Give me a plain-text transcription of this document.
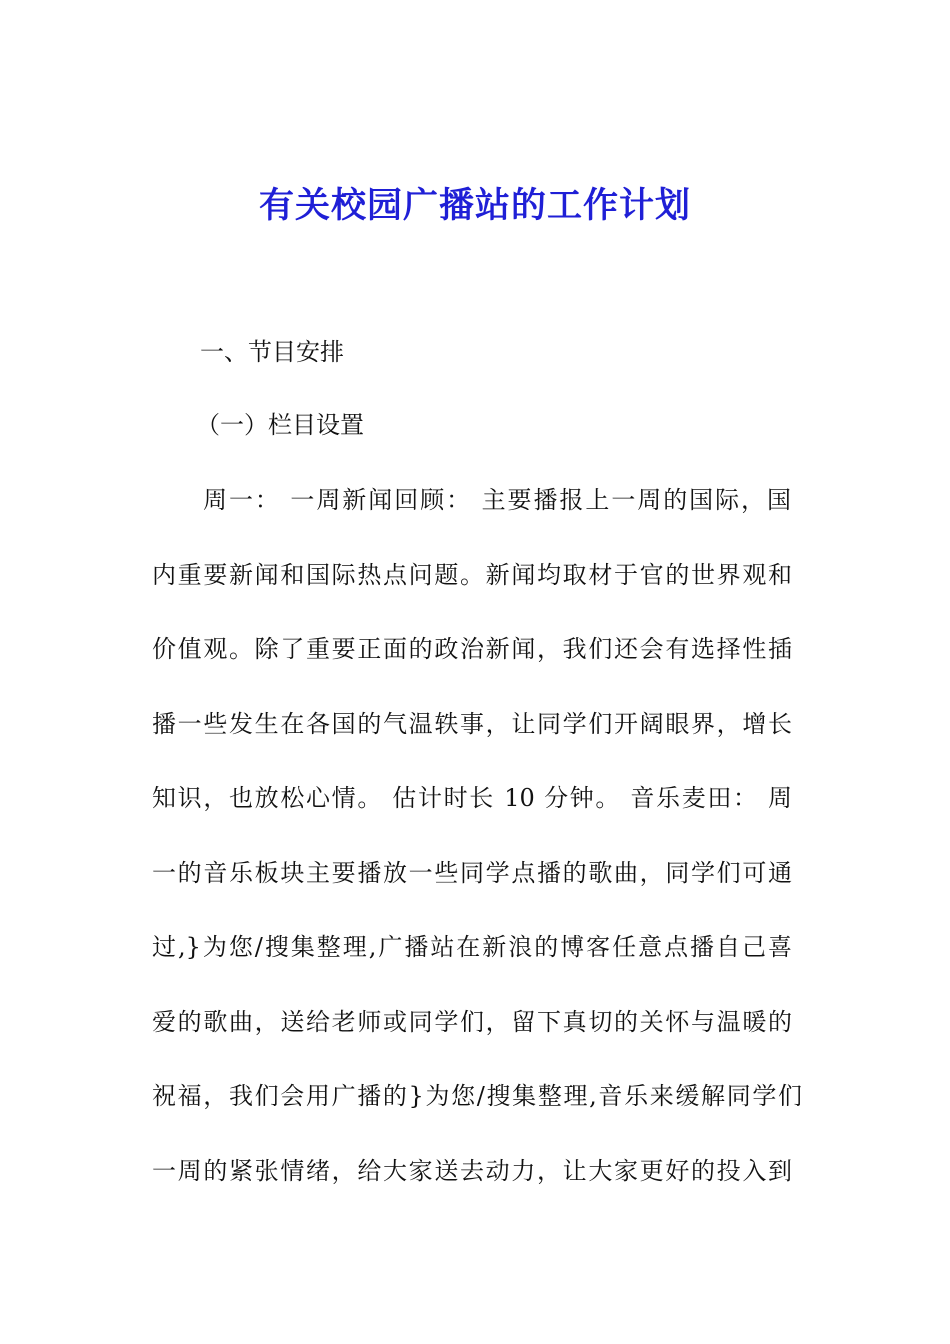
有关校园广播站的工作计划
一、节目安排
（一）栏目设置
周一： 一周新闻回顾： 主要播报上一周的国际，国
内重要新闻和国际热点问题。新闻均取材于官的世界观和
价值观。除了重要正面的政治新闻，我们还会有选择性插
播一些发生在各国的气温轶事，让同学们开阔眼界，增长
知识，也放松心情。 估计时长 10 分钟。 音乐麦田： 周
一的音乐板块主要播放一些同学点播的歌曲，同学们可通
过,}为您/搜集整理,广播站在新浪的博客任意点播自己喜
爱的歌曲，送给老师或同学们，留下真切的关怀与温暖的
祝福，我们会用广播的}为您/搜集整理,音乐来缓解同学们
一周的紧张情绪，给大家送去动力，让大家更好的投入到
